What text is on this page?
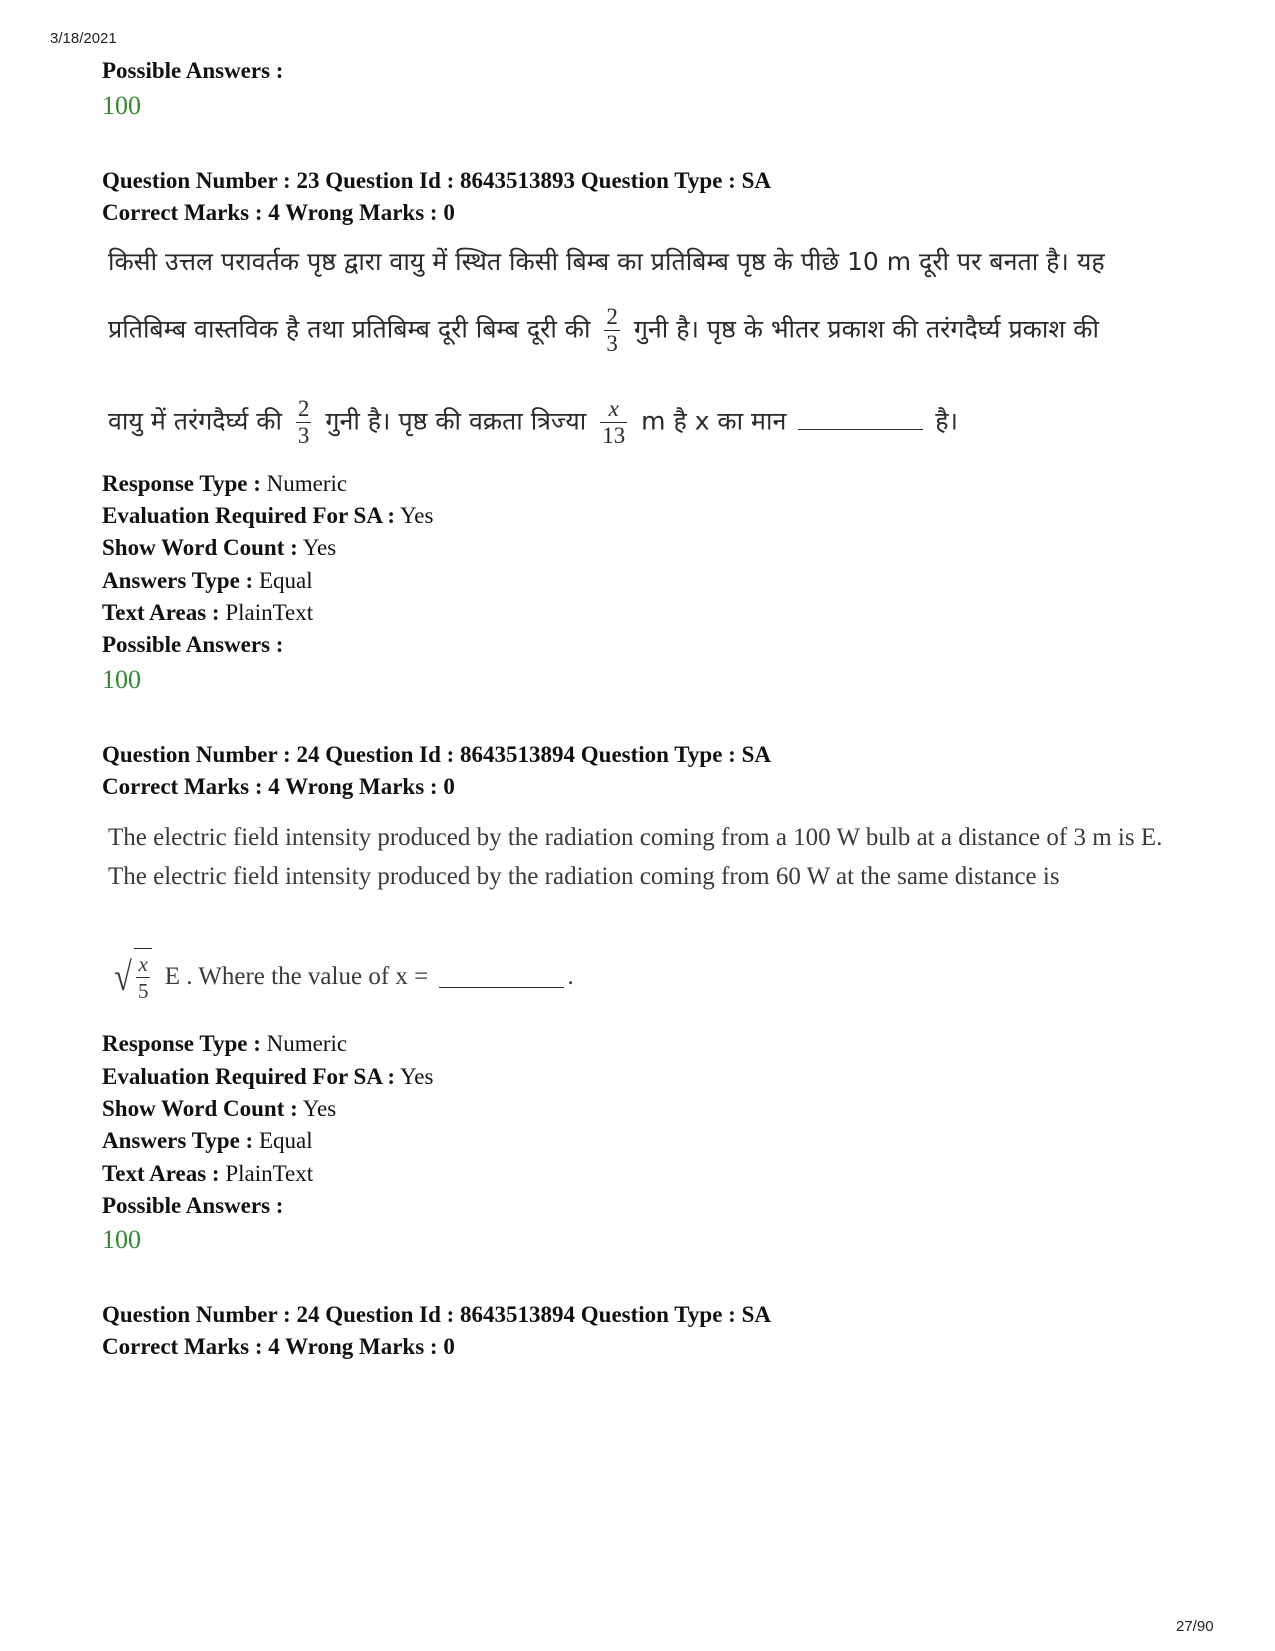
3/18/2021
Possible Answers :
100
Question Number : 23 Question Id : 8643513893 Question Type : SA
Correct Marks : 4 Wrong Marks : 0
किसी उत्तल परावर्तक पृष्ठ द्वारा वायु में स्थित किसी बिम्ब का प्रतिबिम्ब पृष्ठ के पीछे 10 m दूरी पर बनता है। यह
प्रतिबिम्ब वास्तविक है तथा प्रतिबिम्ब दूरी बिम्ब दूरी की $\frac{2}{3}$ गुनी है। पृष्ठ के भीतर प्रकाश की तरंगदैर्घ्य प्रकाश की
वायु में तरंगदैर्घ्य की $\frac{2}{3}$ गुनी है। पृष्ठ की वक्रता त्रिज्या $\frac{x}{13}$ m है x का मान	है।
Response Type : Numeric
Evaluation Required For SA : Yes
Show Word Count : Yes
Answers Type : Equal
Text Areas : PlainText
Possible Answers :
100
Question Number : 24 Question Id : 8643513894 Question Type : SA
Correct Marks : 4 Wrong Marks : 0
The electric field intensity produced by the radiation coming from a 100 W bulb at a distance of 3 m is E. The electric field intensity produced by the radiation coming from 60 W at the same distance is
√ $\frac{x}{5}$ E . Where the value of x =	.
Response Type : Numeric
Evaluation Required For SA : Yes
Show Word Count : Yes
Answers Type : Equal
Text Areas : PlainText
Possible Answers :
100
Question Number : 24 Question Id : 8643513894 Question Type : SA
Correct Marks : 4 Wrong Marks : 0
27/90
